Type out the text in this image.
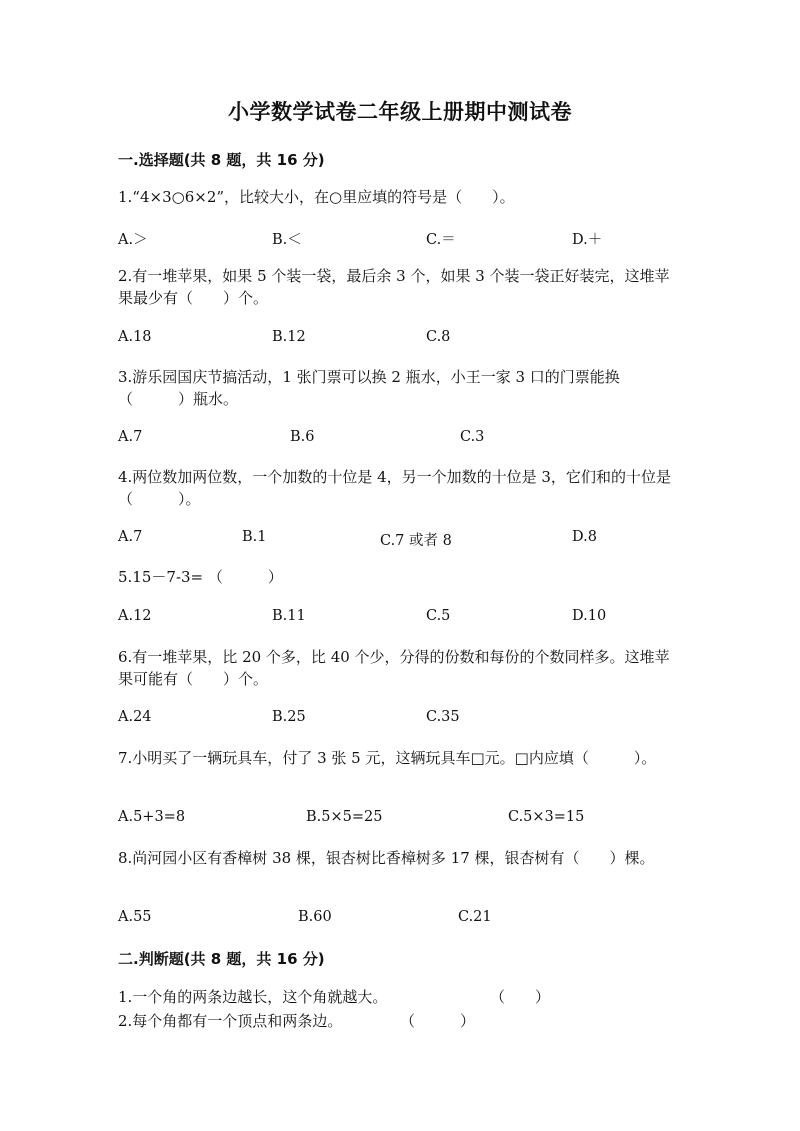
小学数学试卷二年级上册期中测试卷
一.选择题(共 8 题，共 16 分)
1.“4×3○6×2”，比较大小，在○里应填的符号是（　　）。
A.＞	B.＜	C.＝	D.＋
2.有一堆苹果，如果 5 个装一袋，最后余 3 个，如果 3 个装一袋正好装完，这堆苹果最少有（　　）个。
A.18	B.12	C.8
3.游乐园国庆节搞活动，1 张门票可以换 2 瓶水，小王一家 3 口的门票能换（　　　）瓶水。
A.7	B.6	C.3
4.两位数加两位数，一个加数的十位是 4，另一个加数的十位是 3，它们和的十位是（　　　）。
A.7	B.1	C.7 或者 8	D.8
5.15－7-3= （　　　）
A.12	B.11	C.5	D.10
6.有一堆苹果，比 20 个多，比 40 个少，分得的份数和每份的个数同样多。这堆苹果可能有（　　）个。
A.24	B.25	C.35
7.小明买了一辆玩具车，付了 3 张 5 元，这辆玩具车□元。□内应填（　　　）。
A.5+3=8	B.5×5=25	C.5×3=15
8.尚河园小区有香樟树 38 棵，银杏树比香樟树多 17 棵，银杏树有（　　）棵。
A.55	B.60	C.21
二.判断题(共 8 题，共 16 分)
1.一个角的两条边越长，这个角就越大。	（　　）
2.每个角都有一个顶点和两条边。	（　　　）
